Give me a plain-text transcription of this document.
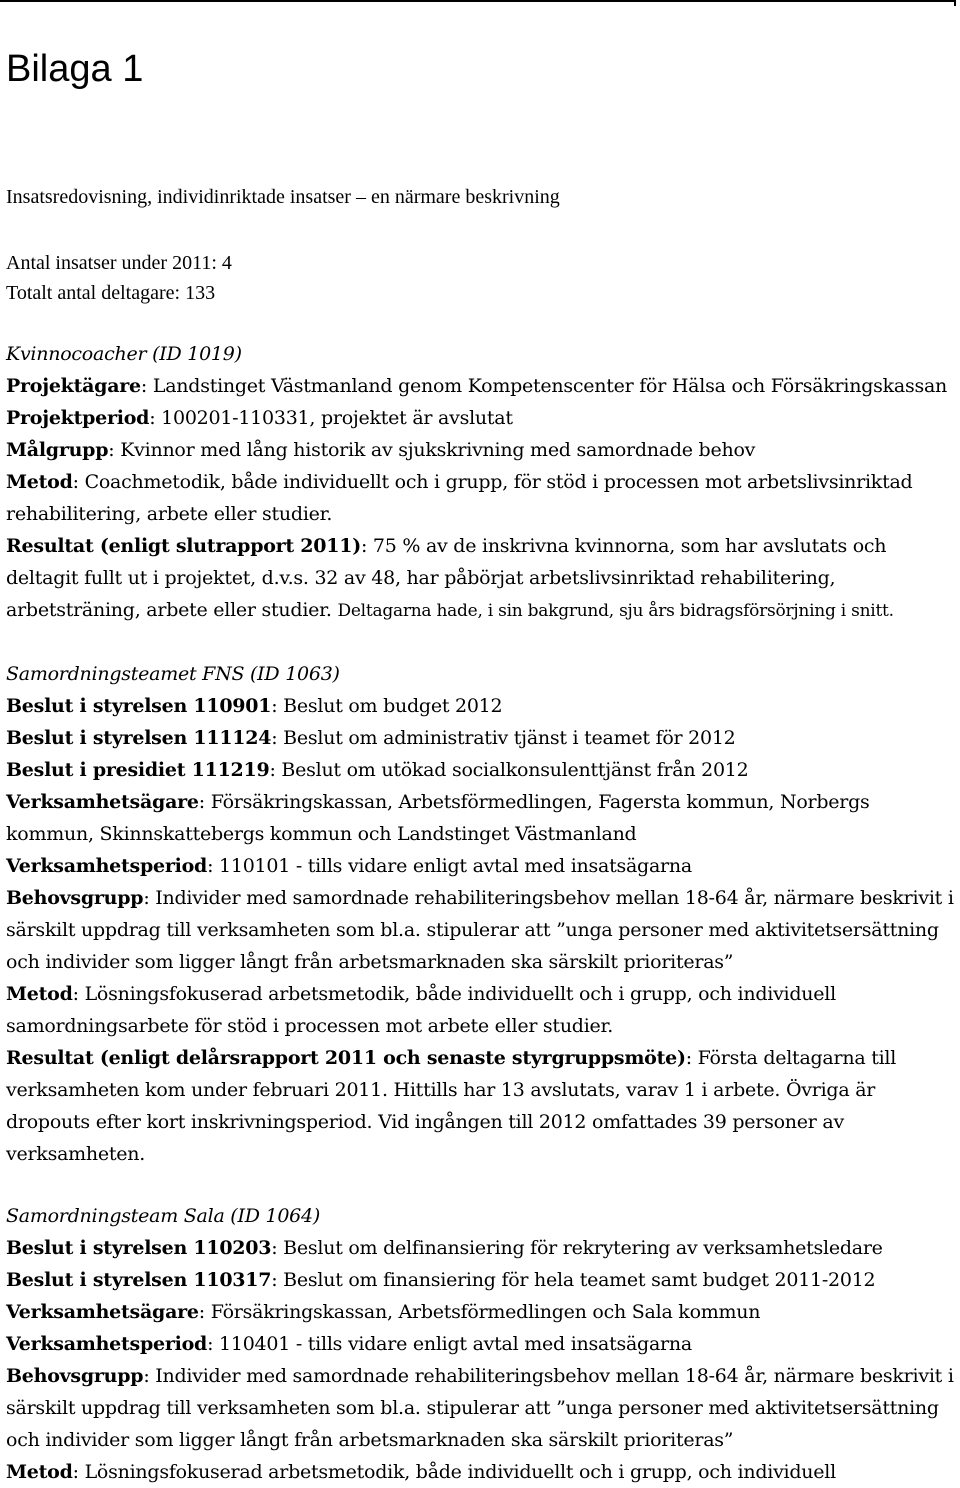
Bilaga 1

Insatsredovisning, individinriktade insatser – en närmare beskrivning

Antal insatser under 2011: 4

Totalt antal deltagare: 133

Kvinnocoacher (ID 1019)

Projektägare: Landstinget Västmanland genom Kompetenscenter för Hälsa och Försäkringskassan

Projektperiod: 100201-110331, projektet är avslutat

Målgrupp: Kvinnor med lång historik av sjukskrivning med samordnade behov

Metod: Coachmetodik, både individuellt och i grupp, för stöd i processen mot arbetslivsinriktad rehabilitering, arbete eller studier.

Resultat (enligt slutrapport 2011): 75 % av de inskrivna kvinnorna, som har avslutats och deltagit fullt ut i projektet, d.v.s. 32 av 48, har påbörjat arbetslivsinriktad rehabilitering, arbetsträning, arbete eller studier. Deltagarna hade, i sin bakgrund, sju års bidragsförsörjning i snitt.

Samordningsteamet FNS (ID 1063)

Beslut i styrelsen 110901: Beslut om budget 2012

Beslut i styrelsen 111124: Beslut om administrativ tjänst i teamet för 2012

Beslut i presidiet 111219: Beslut om utökad socialkonsulenttjänst från 2012

Verksamhetsägare: Försäkringskassan, Arbetsförmedlingen, Fagersta kommun, Norbergs kommun, Skinnskattebergs kommun och Landstinget Västmanland

Verksamhetsperiod: 110101 - tills vidare enligt avtal med insatsägarna

Behovsgrupp: Individer med samordnade rehabiliteringsbehov mellan 18-64 år, närmare beskrivit i särskilt uppdrag till verksamheten som bl.a. stipulerar att ”unga personer med aktivitetsersättning och individer som ligger långt från arbetsmarknaden ska särskilt prioriteras”

Metod: Lösningsfokuserad arbetsmetodik, både individuellt och i grupp, och individuell samordningsarbete för stöd i processen mot arbete eller studier.

Resultat (enligt delårsrapport 2011 och senaste styrgruppsmöte): Första deltagarna till verksamheten kom under februari 2011. Hittills har 13 avslutats, varav 1 i arbete. Övriga är dropouts efter kort inskrivningsperiod. Vid ingången till 2012 omfattades 39 personer av verksamheten.

Samordningsteam Sala (ID 1064)

Beslut i styrelsen 110203: Beslut om delfinansiering för rekrytering av verksamhetsledare

Beslut i styrelsen 110317: Beslut om finansiering för hela teamet samt budget 2011-2012

Verksamhetsägare: Försäkringskassan, Arbetsförmedlingen och Sala kommun

Verksamhetsperiod: 110401 - tills vidare enligt avtal med insatsägarna

Behovsgrupp: Individer med samordnade rehabiliteringsbehov mellan 18-64 år, närmare beskrivit i särskilt uppdrag till verksamheten som bl.a. stipulerar att ”unga personer med aktivitetsersättning och individer som ligger långt från arbetsmarknaden ska särskilt prioriteras”

Metod: Lösningsfokuserad arbetsmetodik, både individuellt och i grupp, och individuell
